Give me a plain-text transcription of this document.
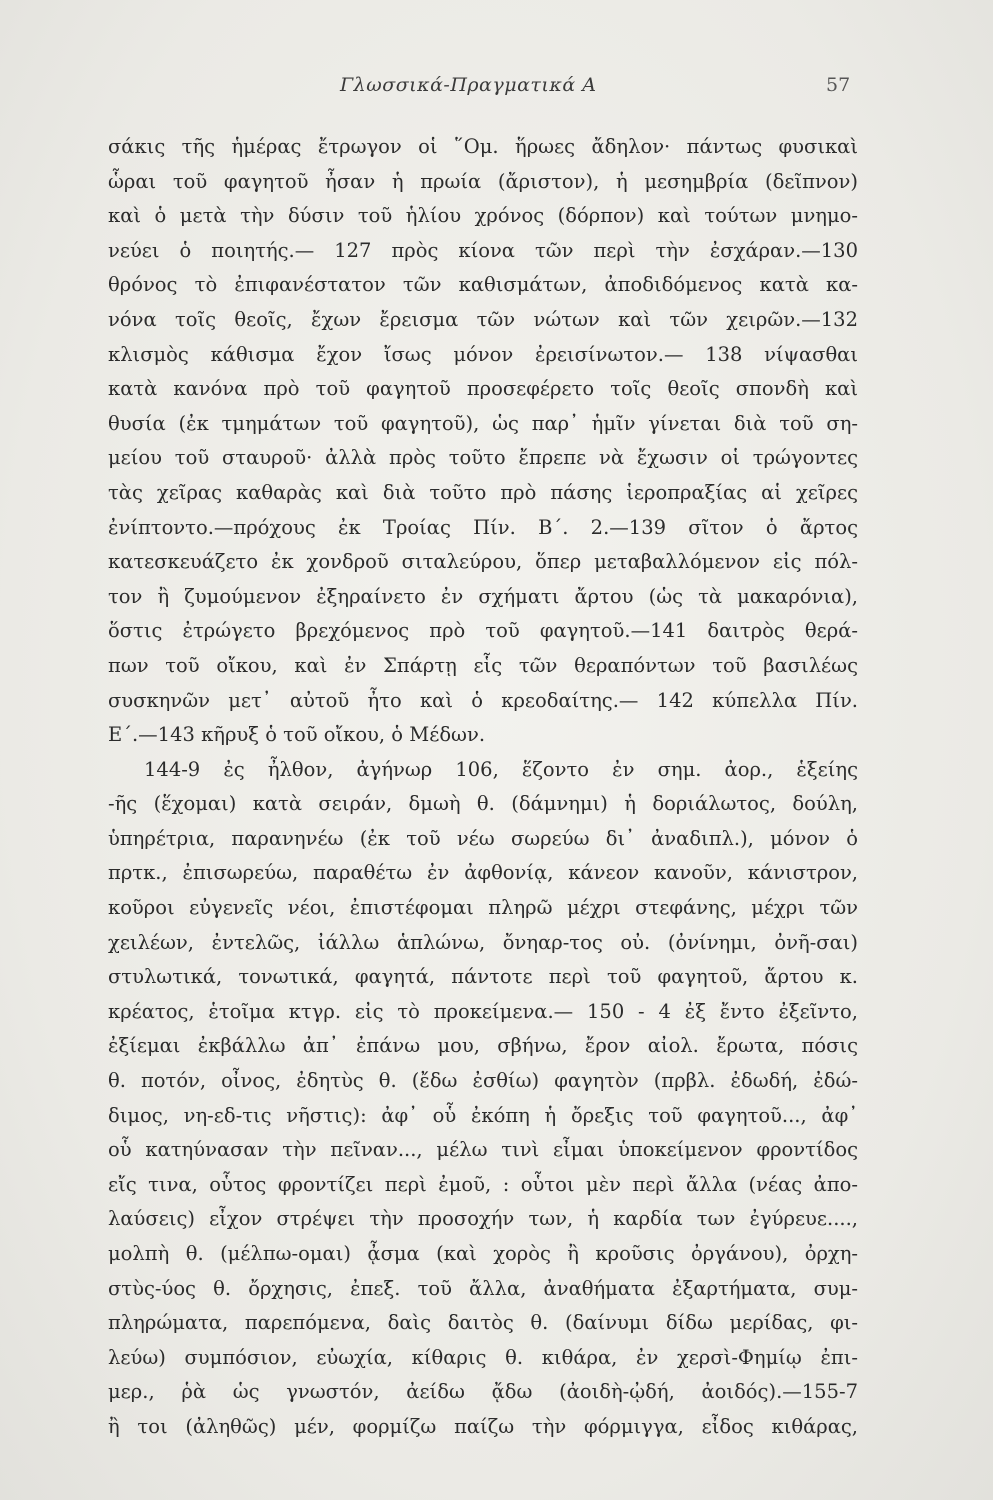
Γλωσσικά-Πραγματικά Α	57
σάκις τῆς ἡμέρας ἔτρωγον οἱ ῞Ομ. ἥρωες ἄδηλον· πάντως φυσικαὶ
ὧραι τοῦ φαγητοῦ ἦσαν ἡ πρωία (ἄριστον), ἡ μεσημβρία (δεῖπνον)
καὶ ὁ μετὰ τὴν δύσιν τοῦ ἡλίου χρόνος (δόρπον) καὶ τούτων μνημο-
νεύει ὁ ποιητής.— 127 πρὸς κίονα τῶν περὶ τὴν ἐσχάραν.—130
θρόνος τὸ ἐπιφανέστατον τῶν καθισμάτων, ἀποδιδόμενος κατὰ κα-
νόνα τοῖς θεοῖς, ἔχων ἔρεισμα τῶν νώτων καὶ τῶν χειρῶν.—132
κλισμὸς κάθισμα ἔχον ἴσως μόνον ἐρεισίνωτον.— 138 νίψασθαι
κατὰ κανόνα πρὸ τοῦ φαγητοῦ προσεφέρετο τοῖς θεοῖς σπονδὴ καὶ
θυσία (ἐκ τμημάτων τοῦ φαγητοῦ), ὡς παρ᾽ ἡμῖν γίνεται διὰ τοῦ ση-
μείου τοῦ σταυροῦ· ἀλλὰ πρὸς τοῦτο ἔπρεπε νὰ ἔχωσιν οἱ τρώγοντες
τὰς χεῖρας καθαρὰς καὶ διὰ τοῦτο πρὸ πάσης ἱεροπραξίας αἱ χεῖρες
ἐνίπτοντο.—πρόχους ἐκ Τροίας Πίν. Β΄. 2.—139 σῖτον ὁ ἄρτος
κατεσκευάζετο ἐκ χονδροῦ σιταλεύρου, ὅπερ μεταβαλλόμενον εἰς πόλ-
τον ἢ ζυμούμενον ἐξηραίνετο ἐν σχήματι ἄρτου (ὡς τὰ μακαρόνια),
ὅστις ἐτρώγετο βρεχόμενος πρὸ τοῦ φαγητοῦ.—141 δαιτρὸς θερά-
πων τοῦ οἴκου, καὶ ἐν Σπάρτῃ εἷς τῶν θεραπόντων τοῦ βασιλέως
συσκηνῶν μετ᾽ αὐτοῦ ἦτο καὶ ὁ κρεοδαίτης.— 142 κύπελλα Πίν.
Ε΄.—143 κῆρυξ ὁ τοῦ οἴκου, ὁ Μέδων.
144-9 ἐς ἦλθον, ἀγήνωρ 106, ἕζοντο ἐν σημ. ἀορ., ἑξείης
-ῆς (ἕχομαι) κατὰ σειράν, δμωὴ θ. (δάμνημι) ἡ δοριάλωτος, δούλη,
ὑπηρέτρια, παρανηνέω (ἐκ τοῦ νέω σωρεύω δι᾽ ἀναδιπλ.), μόνον ὁ
πρτκ., ἐπισωρεύω, παραθέτω ἐν ἀφθονίᾳ, κάνεον κανοῦν, κάνιστρον,
κοῦροι εὐγενεῖς νέοι, ἐπιστέφομαι πληρῶ μέχρι στεφάνης, μέχρι τῶν
χειλέων, ἐντελῶς, ἰάλλω ἁπλώνω, ὄνηαρ-τος οὐ. (ὀνίνημι, ὀνῆ-σαι)
στυλωτικά, τονωτικά, φαγητά, πάντοτε περὶ τοῦ φαγητοῦ, ἄρτου κ.
κρέατος, ἑτοῖμα κτγρ. εἰς τὸ προκείμενα.— 150 - 4 ἐξ ἔντο ἐξεῖντο,
ἐξίεμαι ἐκβάλλω ἀπ᾽ ἐπάνω μου, σβήνω, ἔρον αἰολ. ἔρωτα, πόσις
θ. ποτόν, οἶνος, ἐδητὺς θ. (ἔδω ἐσθίω) φαγητὸν (πρβλ. ἐδωδή, ἐδώ-
διμος, νη-εδ-τις νῆστις): ἀφ᾽ οὗ ἐκόπη ἡ ὄρεξις τοῦ φαγητοῦ..., ἀφ᾽
οὗ κατηύνασαν τὴν πεῖναν..., μέλω τινὶ εἶμαι ὑποκείμενον φροντίδος
εἴς τινα, οὗτος φροντίζει περὶ ἐμοῦ, : οὗτοι μὲν περὶ ἄλλα (νέας ἀπο-
λαύσεις) εἶχον στρέψει τὴν προσοχήν των, ἡ καρδία των ἐγύρευε....,
μολπὴ θ. (μέλπω-ομαι) ᾆσμα (καὶ χορὸς ἢ κροῦσις ὀργάνου), ὀρχη-
στὺς-ύος θ. ὄρχησις, ἐπεξ. τοῦ ἄλλα, ἀναθήματα ἐξαρτήματα, συμ-
πληρώματα, παρεπόμενα, δαὶς δαιτὸς θ. (δαίνυμι δίδω μερίδας, φι-
λεύω) συμπόσιον, εὐωχία, κίθαρις θ. κιθάρα, ἐν χερσὶ-Φημίῳ ἐπι-
μερ., ῥὰ ὡς γνωστόν, ἀείδω ᾄδω (ἀοιδὴ-ᾠδή, ἀοιδός).—155-7
ἢ τοι (ἀληθῶς) μέν, φορμίζω παίζω τὴν φόρμιγγα, εἶδος κιθάρας,
